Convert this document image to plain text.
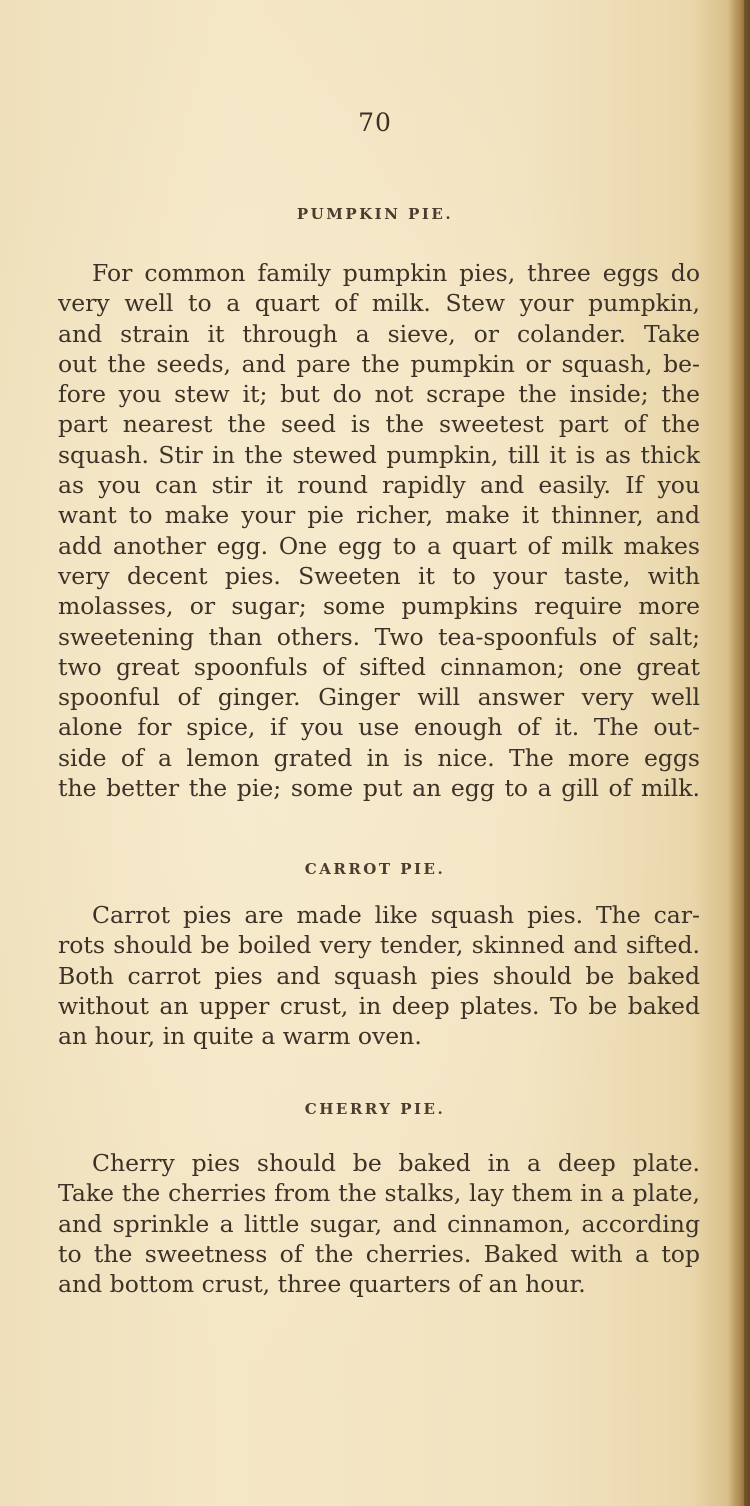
70
PUMPKIN PIE.
For common family pumpkin pies, three eggs do
very well to a quart of milk. Stew your pumpkin,
and strain it through a sieve, or colander. Take
out the seeds, and pare the pumpkin or squash, be-
fore you stew it; but do not scrape the inside; the
part nearest the seed is the sweetest part of the
squash. Stir in the stewed pumpkin, till it is as thick
as you can stir it round rapidly and easily. If you
want to make your pie richer, make it thinner, and
add another egg. One egg to a quart of milk makes
very decent pies. Sweeten it to your taste, with
molasses, or sugar; some pumpkins require more
sweetening than others. Two tea-spoonfuls of salt;
two great spoonfuls of sifted cinnamon; one great
spoonful of ginger. Ginger will answer very well
alone for spice, if you use enough of it. The out-
side of a lemon grated in is nice. The more eggs
the better the pie; some put an egg to a gill of milk.
CARROT PIE.
Carrot pies are made like squash pies. The car-
rots should be boiled very tender, skinned and sifted.
Both carrot pies and squash pies should be baked
without an upper crust, in deep plates. To be baked
an hour, in quite a warm oven.
CHERRY PIE.
Cherry pies should be baked in a deep plate.
Take the cherries from the stalks, lay them in a plate,
and sprinkle a little sugar, and cinnamon, according
to the sweetness of the cherries. Baked with a top
and bottom crust, three quarters of an hour.
